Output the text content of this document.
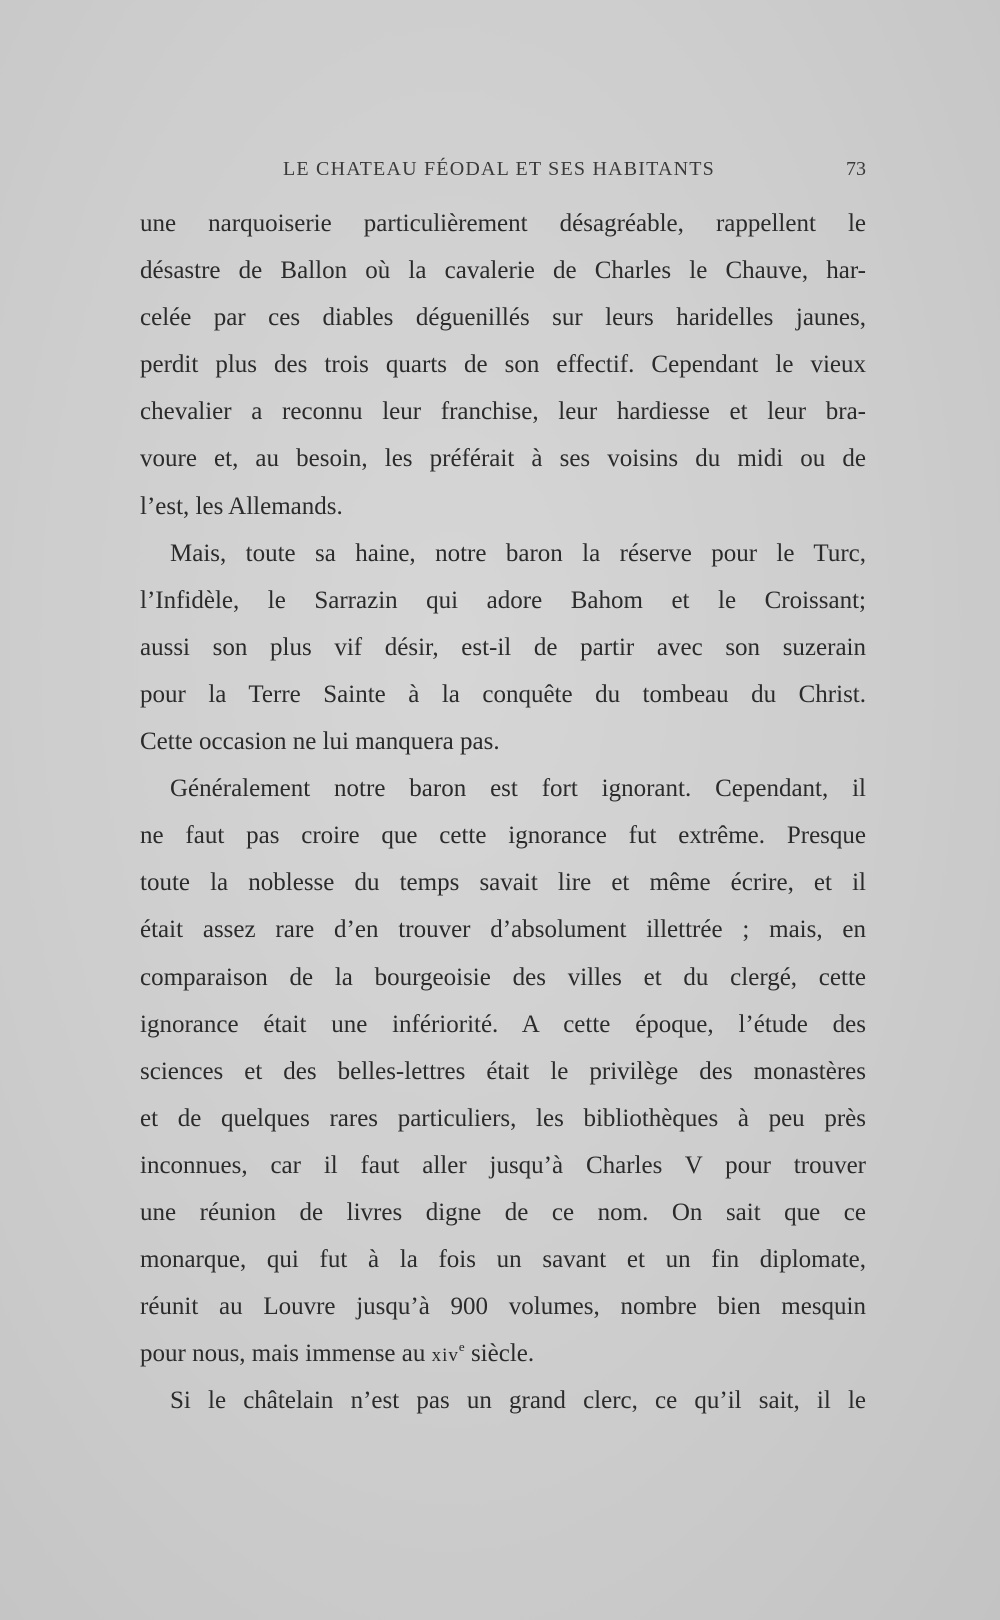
LE CHATEAU FÉODAL ET SES HABITANTS	73
une narquoiserie particulièrement désagréable, rappellent le
désastre de Ballon où la cavalerie de Charles le Chauve, har-
celée par ces diables déguenillés sur leurs haridelles jaunes,
perdit plus des trois quarts de son effectif. Cependant le vieux
chevalier a reconnu leur franchise, leur hardiesse et leur bra-
voure et, au besoin, les préférait à ses voisins du midi ou de
l’est, les Allemands.
Mais, toute sa haine, notre baron la réserve pour le Turc,
l’Infidèle, le Sarrazin qui adore Bahom et le Croissant;
aussi son plus vif désir, est-il de partir avec son suzerain
pour la Terre Sainte à la conquête du tombeau du Christ.
Cette occasion ne lui manquera pas.
Généralement notre baron est fort ignorant. Cependant, il
ne faut pas croire que cette ignorance fut extrême. Presque
toute la noblesse du temps savait lire et même écrire, et il
était assez rare d’en trouver d’absolument illettrée ; mais, en
comparaison de la bourgeoisie des villes et du clergé, cette
ignorance était une infériorité. A cette époque, l’étude des
sciences et des belles-lettres était le privilège des monastères
et de quelques rares particuliers, les bibliothèques à peu près
inconnues, car il faut aller jusqu’à Charles V pour trouver
une réunion de livres digne de ce nom. On sait que ce
monarque, qui fut à la fois un savant et un fin diplomate,
réunit au Louvre jusqu’à 900 volumes, nombre bien mesquin
pour nous, mais immense au xiv$^e$ siècle.
Si le châtelain n’est pas un grand clerc, ce qu’il sait, il le
